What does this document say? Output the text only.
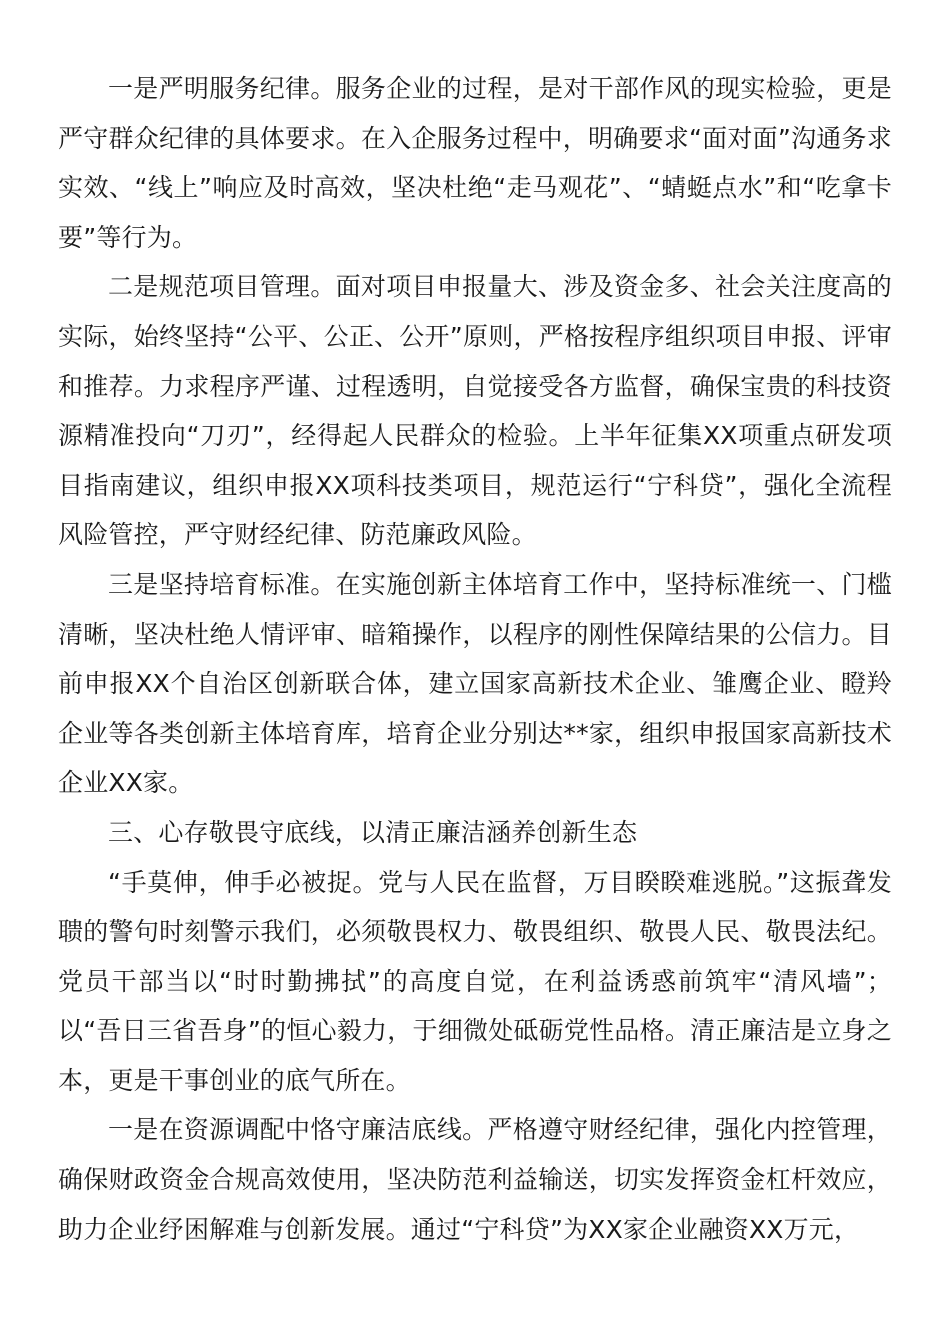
一是严明服务纪律。服务企业的过程，是对干部作风的现实检验，更是严守群众纪律的具体要求。在入企服务过程中，明确要求“面对面”沟通务求实效、“线上”响应及时高效，坚决杜绝“走马观花”、“蜻蜓点水”和“吃拿卡要”等行为。

二是规范项目管理。面对项目申报量大、涉及资金多、社会关注度高的实际，始终坚持“公平、公正、公开”原则，严格按程序组织项目申报、评审和推荐。力求程序严谨、过程透明，自觉接受各方监督，确保宝贵的科技资源精准投向“刀刃”，经得起人民群众的检验。上半年征集XX项重点研发项目指南建议，组织申报XX项科技类项目，规范运行“宁科贷”，强化全流程风险管控，严守财经纪律、防范廉政风险。

三是坚持培育标准。在实施创新主体培育工作中，坚持标准统一、门槛清晰，坚决杜绝人情评审、暗箱操作，以程序的刚性保障结果的公信力。目前申报XX个自治区创新联合体，建立国家高新技术企业、雏鹰企业、瞪羚企业等各类创新主体培育库，培育企业分别达**家，组织申报国家高新技术企业XX家。

三、心存敬畏守底线，以清正廉洁涵养创新生态

“手莫伸，伸手必被捉。党与人民在监督，万目睽睽难逃脱。”这振聋发聩的警句时刻警示我们，必须敬畏权力、敬畏组织、敬畏人民、敬畏法纪。党员干部当以“时时勤拂拭”的高度自觉，在利益诱惑前筑牢“清风墙”；以“吾日三省吾身”的恒心毅力，于细微处砥砺党性品格。清正廉洁是立身之本，更是干事创业的底气所在。

一是在资源调配中恪守廉洁底线。严格遵守财经纪律，强化内控管理，确保财政资金合规高效使用，坚决防范利益输送，切实发挥资金杠杆效应，助力企业纾困解难与创新发展。通过“宁科贷”为XX家企业融资XX万元，
